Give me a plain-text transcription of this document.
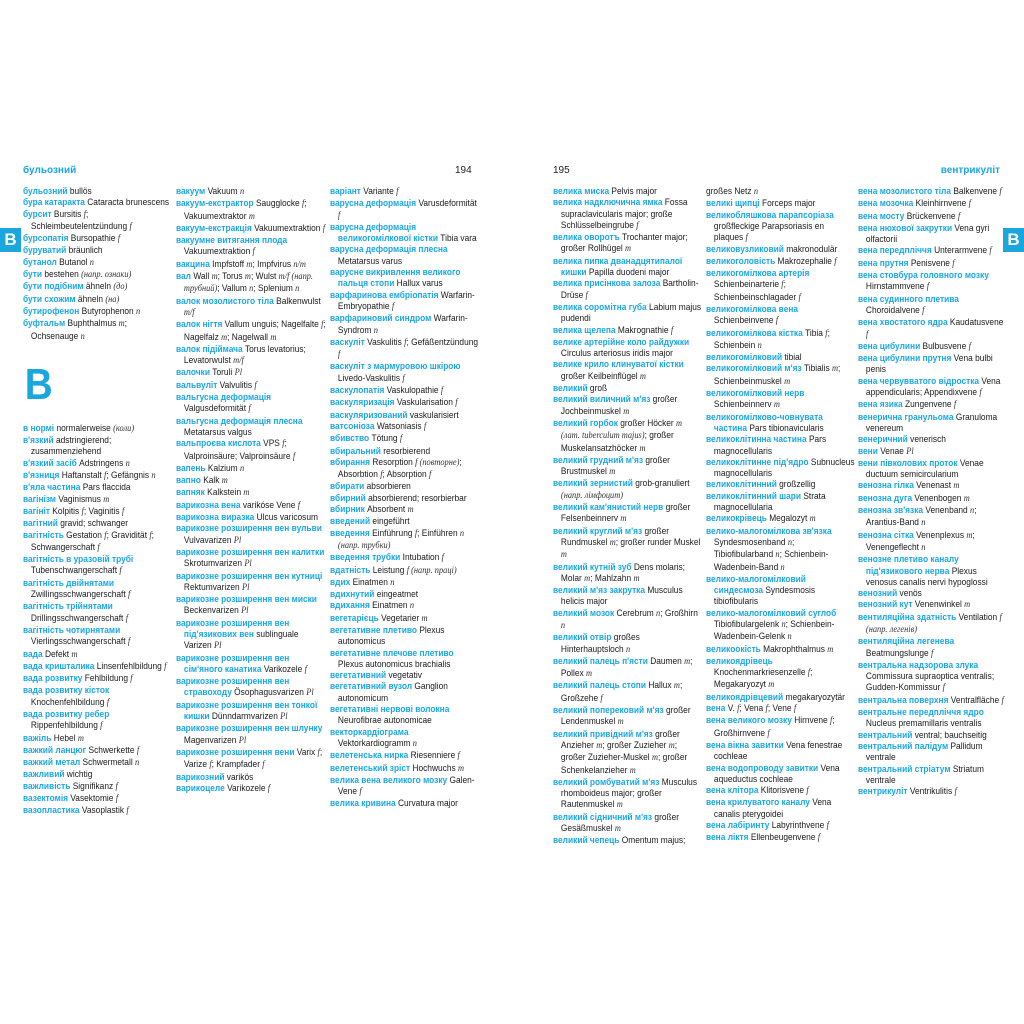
бульозний	194	195	вентрикуліт
В	В
бульозний bullös
бура катаракта Cataracta brunescens
бурсит Bursitis f; Schleimbeutelentzündung f
бурсопатія Bursopathie f
буруватий bräunlich
бутанол Butanol n
бути bestehen (напр. ознаки)
бути подібним ähneln (до)
бути схожим ähneln (на)
бутирофенон Butyrophenon n
буфтальм Buphthalmus m; Ochsenauge n
В
в нормі normalerweise (коли)
в'язкий adstringierend; zusammenziehend
в'язкий засіб Adstringens n
в'язниця Haftanstalt f; Gefängnis n
в'яла частина Pars flaccida
вагінізм Vaginismus m
вагініт Kolpitis f; Vaginitis f
вагітний gravid; schwanger
вагітність Gestation f; Gravidität f; Schwangerschaft f
вагітність в уразовій трубі Tubenschwangerschaft f
вагітність двійнятами Zwillingsschwangerschaft f
вагітність трійнятами Drillingsschwangerschaft f
вагітність чотирнятами Vierlingsschwangerschaft f
вада Defekt m
вада кришталика Linsenfehlbildung f
вада розвитку Fehlbildung f
вада розвитку кісток Knochenfehlbildung f
вада розвитку ребер Rippenfehlbildung f
важіль Hebel m
важкий ланцюг Schwerkette f
важкий метал Schwermetall n
важливий wichtig
важливість Signifikanz f
вазектомія Vasektomie f
вазопластика Vasoplastik f
вакуум Vakuum n
вакуум-екстрактор Saugglocke f; Vakuumextraktor m
вакуум-екстракція Vakuumextraktion f
вакуумне витягання плода Vakuumextraktion f
вакцина Impfstoff m; Impfvirus n/m
вал Wall m; Torus m; Wulst m/f (напр. трубний); Vallum n; Splenium n
валок мозолистого тіла Balkenwulst m/f
валок нігтя Vallum unguis; Nagelfalte f; Nagelfalz m; Nagelwall m
валок підіймача Torus levatorius; Levatorwulst m/f
валочки Toruli Pl
вальвуліт Valvulitis f
вальгусна деформація Valgusdeformität f
вальгусна деформація плесна Metatarsus valgus
вальпроєва кислота VPS f; Valproinsäure; Valproinsäure f
вапень Kalzium n
вапно Kalk m
вапняк Kalkstein m
варикозна вена varikóse Vene f
варикозна виразка Ulcus varicosum
варикозне розширення вен вульви Vulvavarizen Pl
варикозне розширення вен калитки Skrotumvarizen Pl
варикозне розширення вен кутниці Rektumvarizen Pl
варикозне розширення вен миски Beckenvarizen Pl
варикозне розширення вен під'язикових вен sublinguale Varizen Pl
варикозне розширення вен сім'яного канатика Varikozele f
варикозне розширення вен стравоходу Ösophagusvarizen Pl
варикозне розширення вен тонкої кишки Dünndarmvarizen Pl
варикозне розширення вен шлунку Magenvarizen Pl
варикозне розширення вени Varix f; Varize f; Krampfader f
варикозний varikös
варикоцеле Varikozele f
варіант Variante f
варусна деформація Varusdeformität f
варусна деформація великогомілкової кістки Tibia vara
варусна деформація плесна Metatarsus varus
варусне викривлення великого пальця стопи Hallux varus
варфаринова ембріопатія Warfarin-Embryopathie f
варфариновий синдром Warfarin-Syndrom n
васкуліт Vaskulitis f; Gefäßentzündung f
васкуліт з мармуровою шкірою Livedo-Vaskulitis f
васкулопатія Vaskulopathie f
васкуляризація Vaskularisation f
васкуляризований vaskularisiert
ватсоніоза Watsoniasis f
вбивство Tötung f
вбиральний resorbierend
вбирання Resorption f (повторне); Absorbtion f; Absorption f
вбирати absorbieren
вбирний absorbierend; resorbierbar
вбирник Absorbent m
введений eingeführt
введення Einführung f; Einführen n (напр. трубки)
введення трубки Intubation f
вдатність Leistung f (напр. праці)
вдих Einatmen n
вдихнутий eingeatmet
вдихання Einatmen n
вегетарієць Vegetarier m
вегетативне плетиво Plexus autonomicus
вегетативне плечове плетиво Plexus autonomicus brachialis
вегетативний vegetativ
вегетативний вузол Ganglion autonomicum
вегетативні нервові волокна Neurofibrae autonomicae
векторкардіограма Vektorkardiogramm n
велетенська нирка Riesenniere f
велетенський зріст Hochwuchs m
велика вена великого мозку Galen-Vene f
велика кривина Curvatura major
велика миска Pelvis major
велика надключична ямка Fossa supraclavicularis major; große Schlüsselbeingrube f
велика оворотъ Trochanter major; großer Rollhügel m
велика пипка дванадцятипалої кишки Papilla duodeni major
велика присінкова залоза Bartholin-Drüse f
велика соромітна губа Labium majus pudendi
велика щелепа Makrognathie f
велике артерійне коло райдужки Circulus arteriosus iridis major
велике крило клинуватої кістки großer Keilbeinflügel m
великий groß
великий виличний м'яз großer Jochbeinmuskel m
великий горбок großer Höcker m (лат. tuberculum majus); großer Muskelansatzhöcker m
великий грудний м'яз großer Brustmuskel m
великий зернистий grob-granuliert (напр. лімфоцит)
великий кам'янистий нерв großer Felsenbeinnerv m
великий круглий м'яз großer Rundmuskel m; großer runder Muskel m
великий кутній зуб Dens molaris; Molar m; Mahlzahn m
великий м'яз закрутка Musculus helicis major
великий мозок Cerebrum n; Großhirn n
великий отвір großes Hinterhauptsloch n
великий палець п'ясти Daumen m; Pollex m
великий палець стопи Hallux m; Großzehe f
великий поперековий м'яз großer Lendenmuskel m
великий привідний м'яз großer Anzieher m; großer Zuzieher m; großer Zuzieher-Muskel m; großer Schenkelanzieher m
великий ромбуватий м'яз Musculus rhomboideus major; großer Rautenmuskel m
великий сідничний м'яз großer Gesäßmuskel m
великий чепець Omentum majus;
großes Netz n
великі щипці Forceps major
великобляшкова парапсоріаза großfleckige Parapsoriasis en plaques f
великовузликовий makronodulär
великоголовість Makrozephalie f
великогомілкова артерія Schienbeinarterie f; Schienbeinschlagader f
великогомілкова вена Schienbeinvene f
великогомілкова кістка Tibia f; Schienbein n
великогомілковий tibial
великогомілковий м'яз Tibialis m; Schienbeinmuskel m
великогомілковий нерв Schienbeinnerv m
великогомілково-човнувата частина Pars tibionavicularis
великоклітинна частина Pars magnocellularis
великоклітинне під'ядро Subnucleus magnocellularis
великоклітинний großzellig
великоклітинний шари Strata magnocellularia
великокрівець Megalozyt m
велико-малогомілкова зв'язка Syndesmosenband n; Tibiofibularband n; Schienbein-Wadenbein-Band n
велико-малогомілковий синдесмоза Syndesmosis tibiofibularis
велико-малогомілковий суглоб Tibiofibulargelenk n; Schienbein-Wadenbein-Gelenk n
великоокість Makrophthalmus m
великоядрівець Knochenmarkriesenzelle f; Megakaryozyt m
великоядрівцевий megakaryozytär
вена V. f; Vena f; Vene f
вена великого мозку Hirnvene f; Großhirnvene f
вена вікна завитки Vena fenestrae cochleae
вена водопроводу завитки Vena aqueductus cochleae
вена клітора Klitorisvene f
вена крилуватого каналу Vena canalis pterygoidei
вена лабіринту Labyrinthvene f
вена ліктя Ellenbeugenvene f
вена мозолистого тіла Balkenvene f
вена мозочка Kleinhirnvene f
вена мосту Brückenvene f
вена нюхової закрутки Vena gyri olfactorii
вена передпліччя Unterarmvene f
вена прутня Penisvene f
вена стовбура головного мозку Hirnstammvene f
вена судинного плетива Choroidalvene f
вена хвостатого ядра Kaudatusvene f
вена цибулини Bulbusvene f
вена цибулини прутня Vena bulbi penis
вена червувватого відростка Vena appendicularis; Appendixvene f
вена язика Zungenvene f
венерична гранульома Granuloma venereum
венеричний venerisch
вени Venae Pl
вени півколових проток Venae ductuum semicircularium
венозна гілка Venenast m
венозна дуга Venenbogen m
венозна зв'язка Venenband n; Arantius-Band n
венозна сітка Venenplexus m; Venengeflecht n
венозне плетиво каналу під'язикового нерва Plexus venosus canalis nervi hypoglossi
венозний venös
венозний кут Venenwinkel m
вентиляційна здатність Ventilation f (напр. легенів)
вентиляційна легенева Beatmungslunge f
вентральна надзорова злука Commissura supraoptica ventralis; Gudden-Kommissur f
вентральна поверхня Ventralfläche f
вентральне передпліччя ядро Nucleus premamillaris ventralis
вентральний ventral; bauchseitig
вентральний палідум Pallidum ventrale
вентральний стріатум Striatum ventrale
вентрикуліт Ventrikulitis f
